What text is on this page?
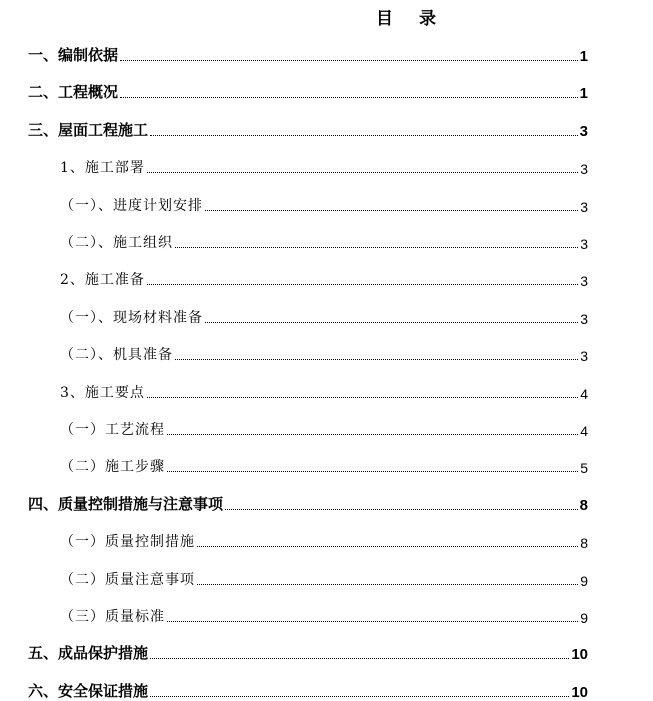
目 录
一、编制依据	1
二、工程概况	1
三、屋面工程施工	3
1、施工部署	3
（一）、进度计划安排	3
（二）、施工组织	3
2、施工准备	3
（一）、现场材料准备	3
（二）、机具准备	3
3、施工要点	4
（一）工艺流程	4
（二）施工步骤	5
四、质量控制措施与注意事项	8
（一）质量控制措施	8
（二）质量注意事项	9
（三）质量标准	9
五、成品保护措施	10
六、安全保证措施	10
